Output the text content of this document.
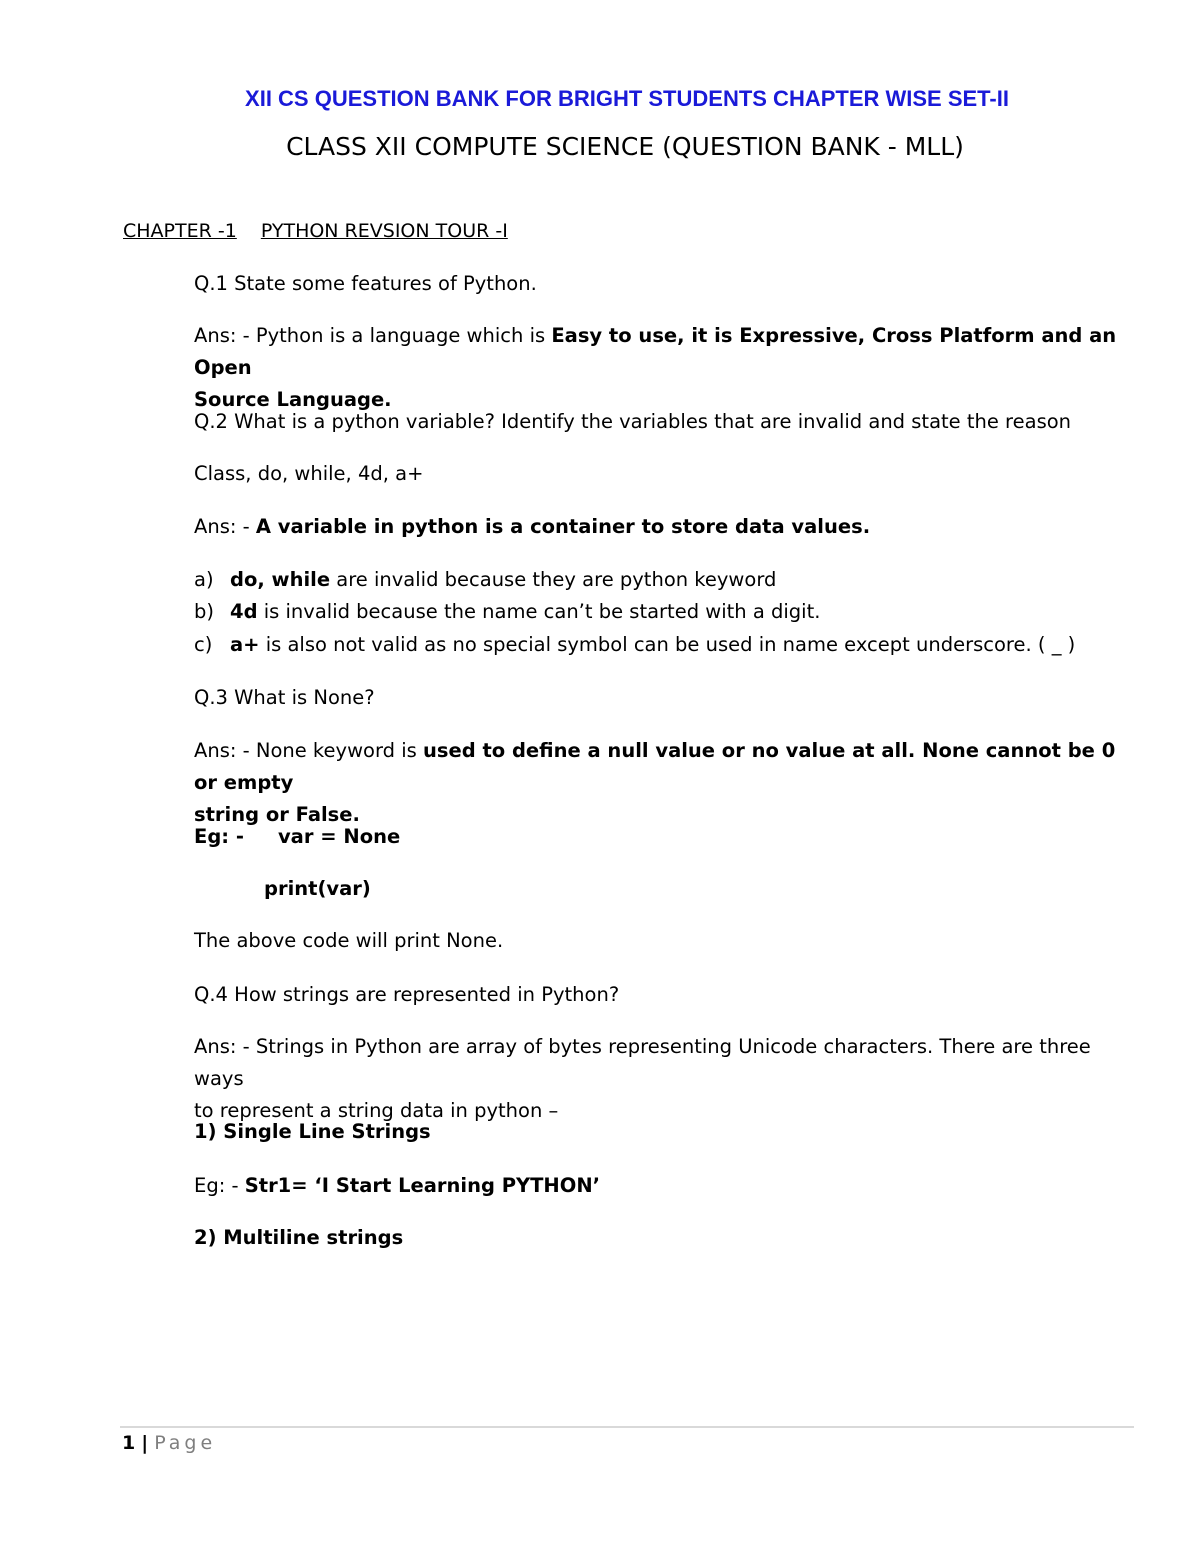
XII CS QUESTION BANK FOR BRIGHT STUDENTS CHAPTER WISE SET-II
CLASS XII COMPUTE SCIENCE (QUESTION BANK - MLL)
CHAPTER -1 PYTHON REVSION TOUR -I
Q.1 State some features of Python.
Ans: - Python is a language which is Easy to use, it is Expressive, Cross Platform and an Open
Source Language.
Q.2 What is a python variable? Identify the variables that are invalid and state the reason
Class, do, while, 4d, a+
Ans: - A variable in python is a container to store data values.
a) do, while are invalid because they are python keyword
b) 4d is invalid because the name can’t be started with a digit.
c) a+ is also not valid as no special symbol can be used in name except underscore. ( _ )
Q.3 What is None?
Ans: - None keyword is used to define a null value or no value at all. None cannot be 0 or empty
string or False.
Eg: - var = None
print(var)
The above code will print None.
Q.4 How strings are represented in Python?
Ans: - Strings in Python are array of bytes representing Unicode characters. There are three ways
to represent a string data in python –
1) Single Line Strings
Eg: - Str1= ‘I Start Learning PYTHON’
2) Multiline strings
1 | Page
